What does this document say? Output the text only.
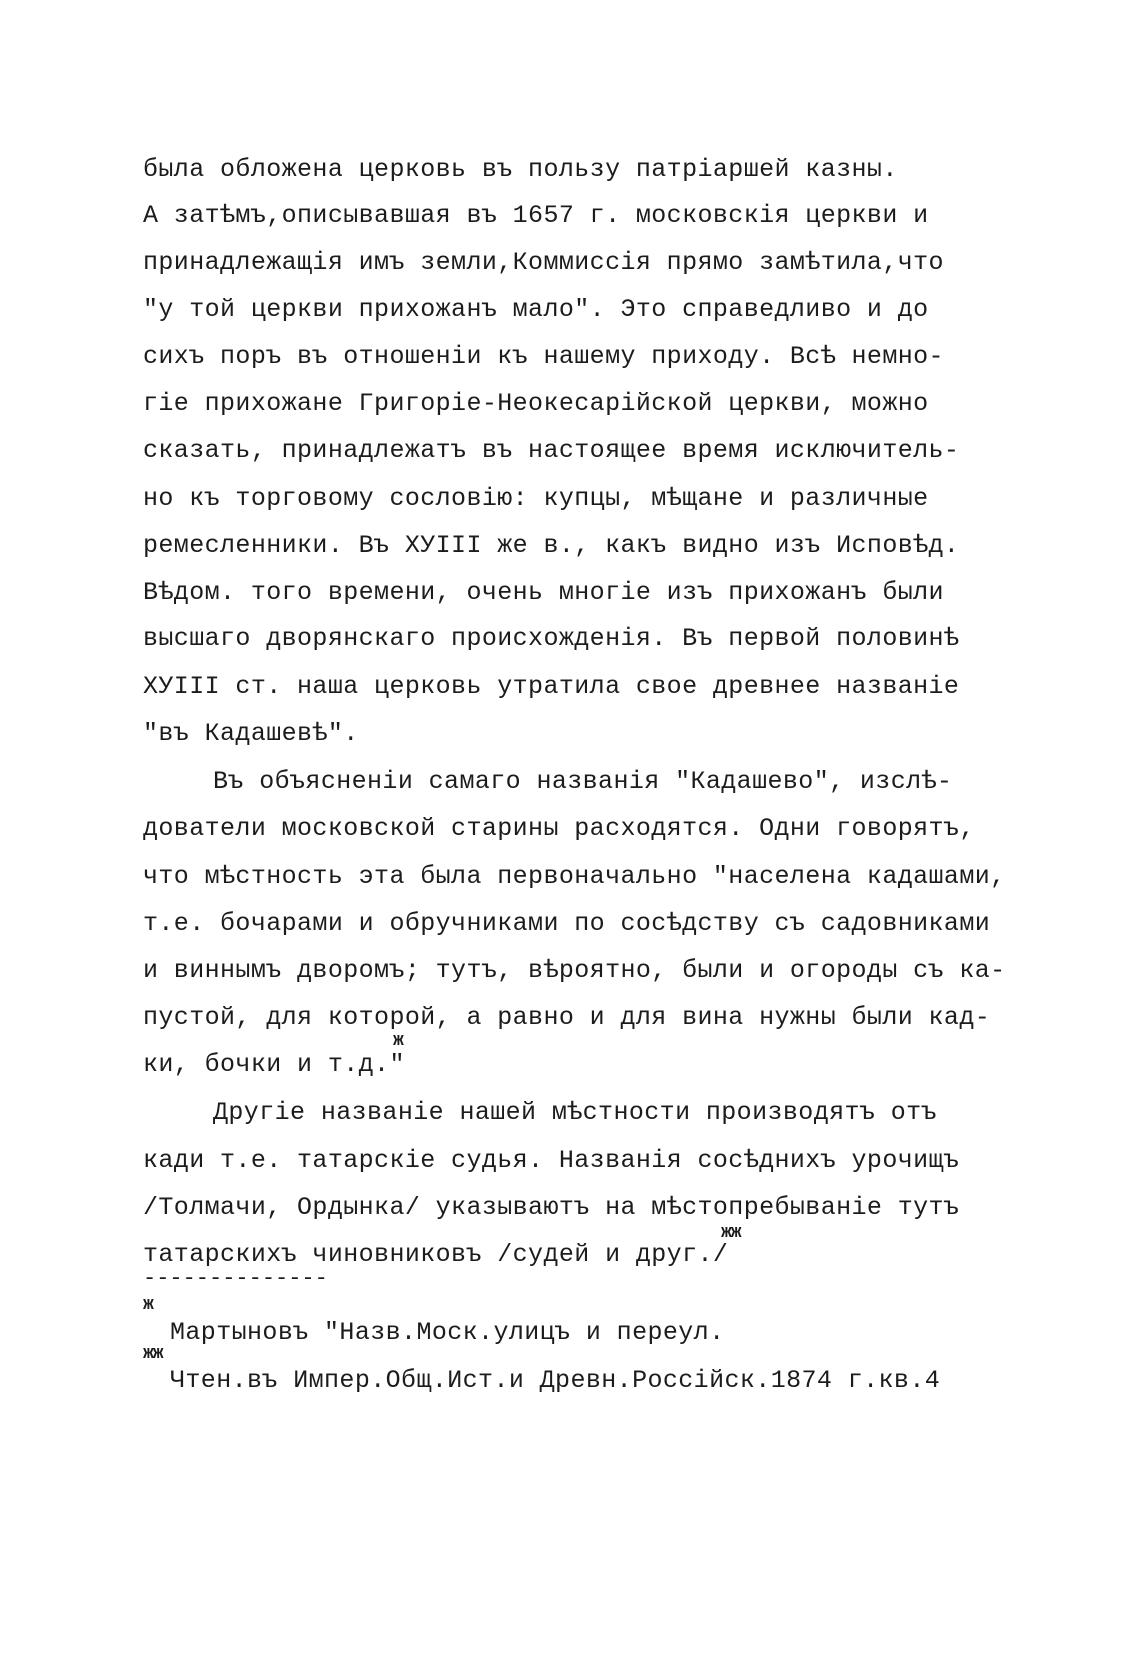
была обложена церковь въ пользу патріаршей казны.
А затѣмъ,описывавшая въ 1657 г. московскія церкви и
принадлежащія имъ земли,Коммиссія прямо замѣтила,что
"у той церкви прихожанъ мало". Это справедливо и до
сихъ поръ въ отношеніи къ нашему приходу. Всѣ немно-
гіе прихожане Григоріе-Неокесарійской церкви, можно
сказать, принадлежатъ въ настоящее время исключитель-
но къ торговому сословію: купцы, мѣщане и различные
ремесленники. Въ ХУIII же в., какъ видно изъ Исповѣд.
Вѣдом. того времени, очень многіе изъ прихожанъ были
высшаго дворянскаго происхожденія. Въ первой половинѣ
ХУIII ст. наша церковь утратила свое древнее названіе
"въ Кадашевѣ".
Въ объясненіи самаго названія "Кадашево", изслѣ-
дователи московской старины расходятся. Одни говорятъ,
что мѣстность эта была первоначально "населена кадашами,
т.е. бочарами и обручниками по сосѣдству съ садовниками
и виннымъ дворомъ; тутъ, вѣроятно, были и огороды съ ка-
пустой, для которой, а равно и для вина нужны были кад-
ж
ки, бочки и т.д."
Другіе названіе нашей мѣстности производятъ отъ
кади т.е. татарскіе судья. Названія сосѣднихъ урочищъ
/Толмачи, Ордынка/ указываютъ на мѣстопребываніе тутъ
жж
татарскихъ чиновниковъ /судей и друг./
--------------
ж
Мартыновъ "Назв.Моск.улицъ и переул.
жж
Чтен.въ Импер.Общ.Ист.и Древн.Россійск.1874 г.кв.4
